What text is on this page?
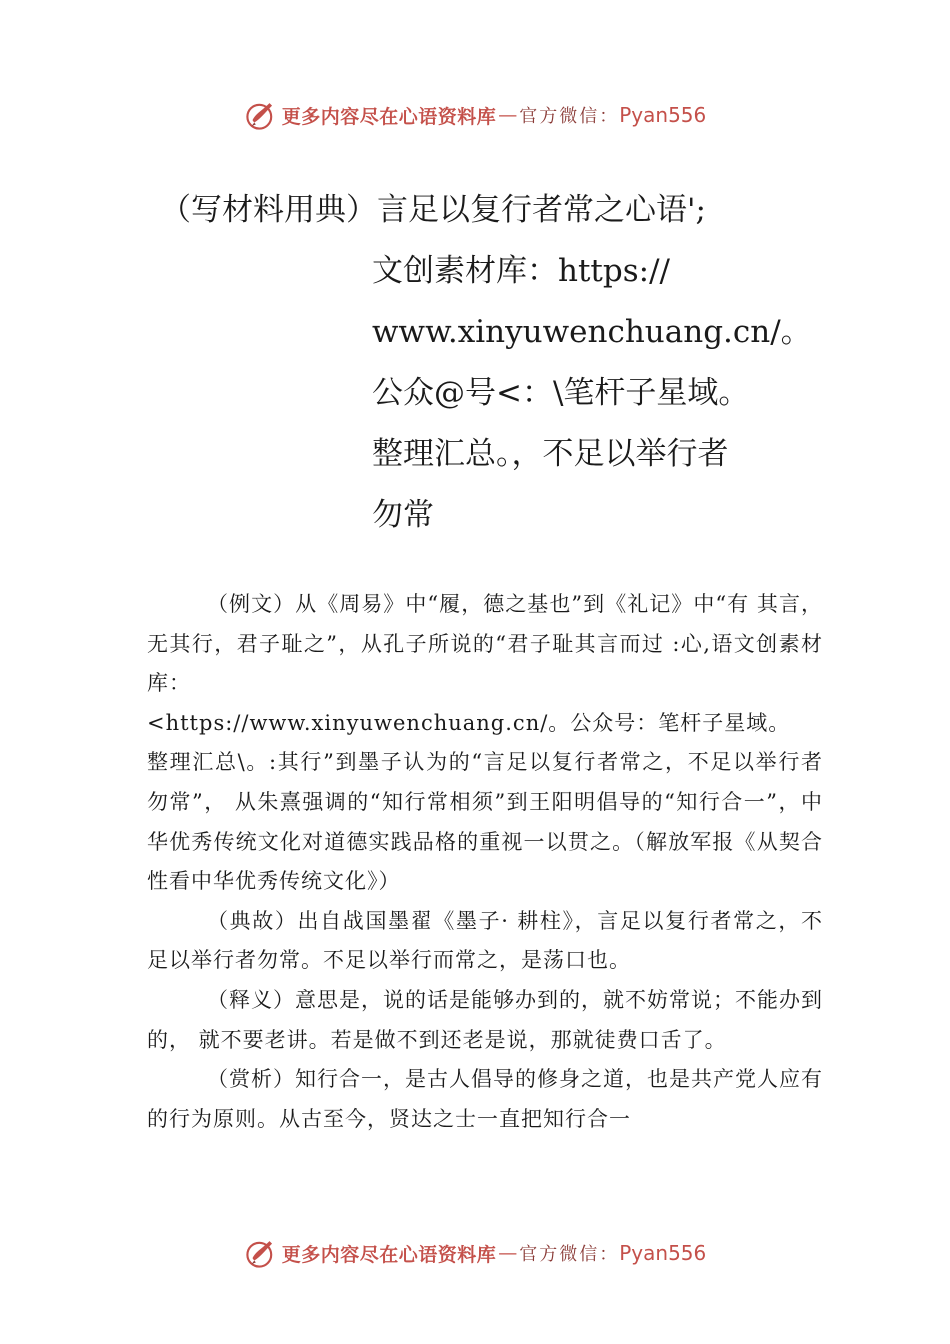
更多内容尽在心语资料库 — 官方微信： Pyan556
（写材料用典）言足以复行者常之心语';
文创素材库：https://
www.xinyuwenchuang.cn/。
公众@号<：\笔杆子星域。
整理汇总。，不足以举行者
勿常

（例文）从《周易》中“履，德之基也”到《礼记》中“有 其言，无其行，君子耻之”，从孔子所说的“君子耻其言而过 :心,语文创素材库：

<https://www.xinyuwenchuang.cn/。公众号：笔杆子星域。

整理汇总\。:其行”到墨子认为的“言足以复行者常之，不足以举行者勿常”， 从朱熹强调的“知行常相须”到王阳明倡导的“知行合一”，中 华优秀传统文化对道德实践品格的重视一以贯之。（解放军报《从契合性看中华优秀传统文化》）

（典故）出自战国墨翟《墨子· 耕柱》，言足以复行者常之，不足以举行者勿常。不足以举行而常之，是荡口也。

（释义）意思是，说的话是能够办到的，就不妨常说；不能办到的， 就不要老讲。若是做不到还老是说，那就徒费口舌了。

（赏析）知行合一，是古人倡导的修身之道，也是共产党人应有的行为原则。从古至今，贤达之士一直把知行合一

更多内容尽在心语资料库 — 官方微信： Pyan556
